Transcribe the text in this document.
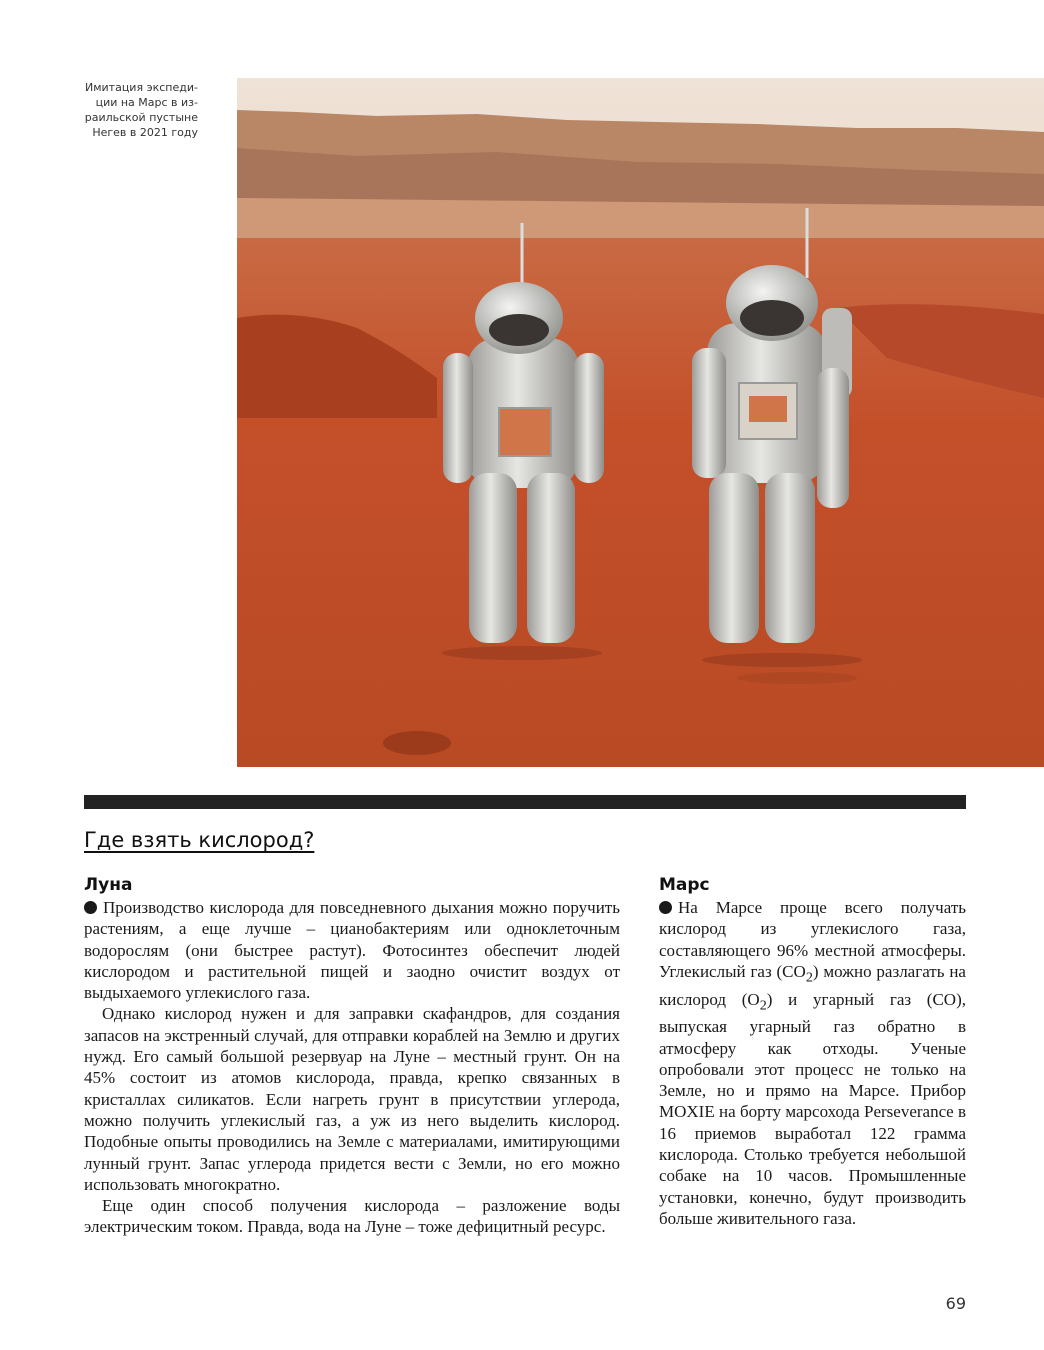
Имитация экспеди-
ции на Марс в из-
раильской пустыне
Негев в 2021 году
Где взять кислород?
Луна

Производство кислорода для повседневного дыхания можно поручить растениям, а еще лучше – цианобактериям или одноклеточным водорослям (они быстрее растут). Фотосинтез обеспечит людей кислородом и растительной пищей и заодно очистит воздух от выдыхаемого углекислого газа.

Однако кислород нужен и для заправки скафандров, для создания запасов на экстренный случай, для отправки кораблей на Землю и других нужд. Его самый большой резервуар на Луне – местный грунт. Он на 45% состоит из атомов кислорода, правда, крепко связанных в кристаллах силикатов. Если нагреть грунт в присутствии углерода, можно получить углекислый газ, а уж из него выделить кислород. Подобные опыты проводились на Земле с материалами, имитирующими лунный грунт. Запас углерода придется вести с Земли, но его можно использовать многократно.

Еще один способ получения кислорода – разложение воды электрическим током. Правда, вода на Луне – тоже дефицитный ресурс.

Марс

На Марсе проще всего получать кислород из углекислого газа, составляющего 96% местной атмосферы. Углекислый газ $(CO_2)$ можно разлагать на кислород $(O_2)$ и угарный газ (CO), выпуская угарный газ обратно в атмосферу как отходы. Ученые опробовали этот процесс не только на Земле, но и прямо на Марсе. Прибор MOXIE на борту марсохода Perseverance в 16 приемов выработал 122 грамма кислорода. Столько требуется небольшой собаке на 10 часов. Промышленные установки, конечно, будут производить больше живительного газа.

69
